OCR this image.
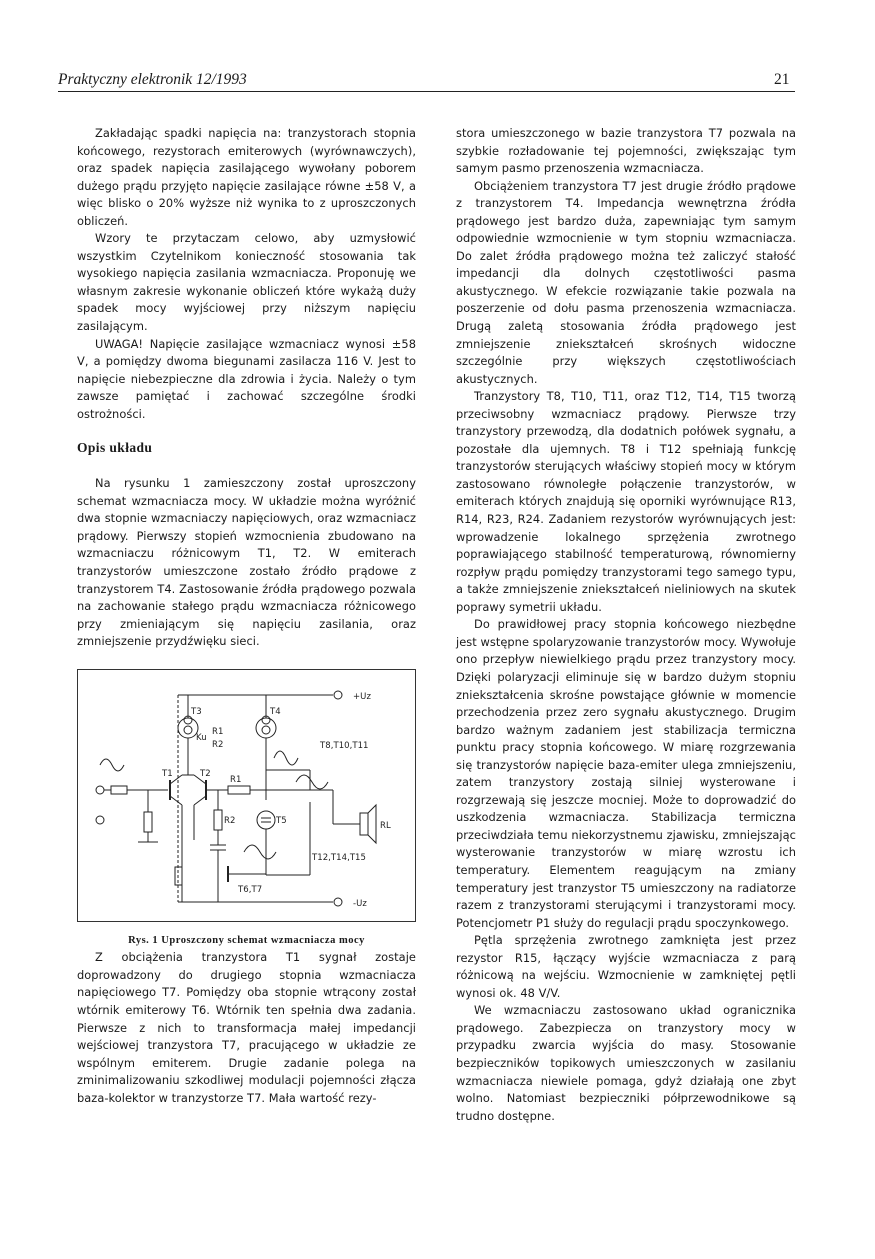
Praktyczny elektronik 12/1993	21

Zakładając spadki napięcia na: tranzystorach stopnia końcowego, rezystorach emiterowych (wyrównawczych), oraz spadek napięcia zasilającego wywołany poborem dużego prądu przyjęto napięcie zasilające równe ±58 V, a więc blisko o 20% wyższe niż wynika to z uproszczonych obliczeń.

Wzory te przytaczam celowo, aby uzmysłowić wszystkim Czytelnikom konieczność stosowania tak wysokiego napięcia zasilania wzmacniacza. Proponuję we własnym zakresie wykonanie obliczeń które wykażą duży spadek mocy wyjściowej przy niższym napięciu zasilającym.

UWAGA! Napięcie zasilające wzmacniacz wynosi ±58 V, a pomiędzy dwoma biegunami zasilacza 116 V. Jest to napięcie niebezpieczne dla zdrowia i życia. Należy o tym zawsze pamiętać i zachować szczególne środki ostrożności.

Opis układu

Na rysunku 1 zamieszczony został uproszczony schemat wzmacniacza mocy. W układzie można wyróżnić dwa stopnie wzmacniaczy napięciowych, oraz wzmacniacz prądowy. Pierwszy stopień wzmocnienia zbudowano na wzmacniaczu różnicowym T1, T2. W emiterach tranzystorów umieszczone zostało źródło prądowe z tranzystorem T4. Zastosowanie źródła prądowego pozwala na zachowanie stałego prądu wzmacniacza różnicowego przy zmieniającym się napięciu zasilania, oraz zmniejszenie przydźwięku sieci.

+Uz
-Uz
T3	T4
T1	T2
T5
T6,T7
T8,T10,T11
T12,T14,T15
Ku
R1
R2
R1
R2	RL
Rys. 1 Uproszczony schemat wzmacniacza mocy

Z obciążenia tranzystora T1 sygnał zostaje doprowadzony do drugiego stopnia wzmacniacza napięciowego T7. Pomiędzy oba stopnie wtrącony został wtórnik emiterowy T6. Wtórnik ten spełnia dwa zadania. Pierwsze z nich to transformacja małej impedancji wejściowej tranzystora T7, pracującego w układzie ze wspólnym emiterem. Drugie zadanie polega na zminimalizowaniu szkodliwej modulacji pojemności złącza baza-kolektor w tranzystorze T7. Mała wartość rezy-

stora umieszczonego w bazie tranzystora T7 pozwala na szybkie rozładowanie tej pojemności, zwiększając tym samym pasmo przenoszenia wzmacniacza.

Obciążeniem tranzystora T7 jest drugie źródło prądowe z tranzystorem T4. Impedancja wewnętrzna źródła prądowego jest bardzo duża, zapewniając tym samym odpowiednie wzmocnienie w tym stopniu wzmacniacza. Do zalet źródła prądowego można też zaliczyć stałość impedancji dla dolnych częstotliwości pasma akustycznego. W efekcie rozwiązanie takie pozwala na poszerzenie od dołu pasma przenoszenia wzmacniacza. Drugą zaletą stosowania źródła prądowego jest zmniejszenie zniekształceń skrośnych widoczne szczególnie przy większych częstotliwościach akustycznych.

Tranzystory T8, T10, T11, oraz T12, T14, T15 tworzą przeciwsobny wzmacniacz prądowy. Pierwsze trzy tranzystory przewodzą, dla dodatnich połówek sygnału, a pozostałe dla ujemnych. T8 i T12 spełniają funkcję tranzystorów sterujących właściwy stopień mocy w którym zastosowano równoległe połączenie tranzystorów, w emiterach których znajdują się oporniki wyrównujące R13, R14, R23, R24. Zadaniem rezystorów wyrównujących jest: wprowadzenie lokalnego sprzężenia zwrotnego poprawiającego stabilność temperaturową, równomierny rozpływ prądu pomiędzy tranzystorami tego samego typu, a także zmniejszenie zniekształceń nieliniowych na skutek poprawy symetrii układu.

Do prawidłowej pracy stopnia końcowego niezbędne jest wstępne spolaryzowanie tranzystorów mocy. Wywołuje ono przepływ niewielkiego prądu przez tranzystory mocy. Dzięki polaryzacji eliminuje się w bardzo dużym stopniu zniekształcenia skrośne powstające głównie w momencie przechodzenia przez zero sygnału akustycznego. Drugim bardzo ważnym zadaniem jest stabilizacja termiczna punktu pracy stopnia końcowego. W miarę rozgrzewania się tranzystorów napięcie baza-emiter ulega zmniejszeniu, zatem tranzystory zostają silniej wysterowane i rozgrzewają się jeszcze mocniej. Może to doprowadzić do uszkodzenia wzmacniacza. Stabilizacja termiczna przeciwdziała temu niekorzystnemu zjawisku, zmniejszając wysterowanie tranzystorów w miarę wzrostu ich temperatury. Elementem reagującym na zmiany temperatury jest tranzystor T5 umieszczony na radiatorze razem z tranzystorami sterującymi i tranzystorami mocy. Potencjometr P1 służy do regulacji prądu spoczynkowego.

Pętla sprzężenia zwrotnego zamknięta jest przez rezystor R15, łączący wyjście wzmacniacza z parą różnicową na wejściu. Wzmocnienie w zamkniętej pętli wynosi ok. 48 V/V.

We wzmacniaczu zastosowano układ ogranicznika prądowego. Zabezpiecza on tranzystory mocy w przypadku zwarcia wyjścia do masy. Stosowanie bezpieczników topikowych umieszczonych w zasilaniu wzmacniacza niewiele pomaga, gdyż działają one zbyt wolno. Natomiast bezpieczniki półprzewodnikowe są trudno dostępne.
